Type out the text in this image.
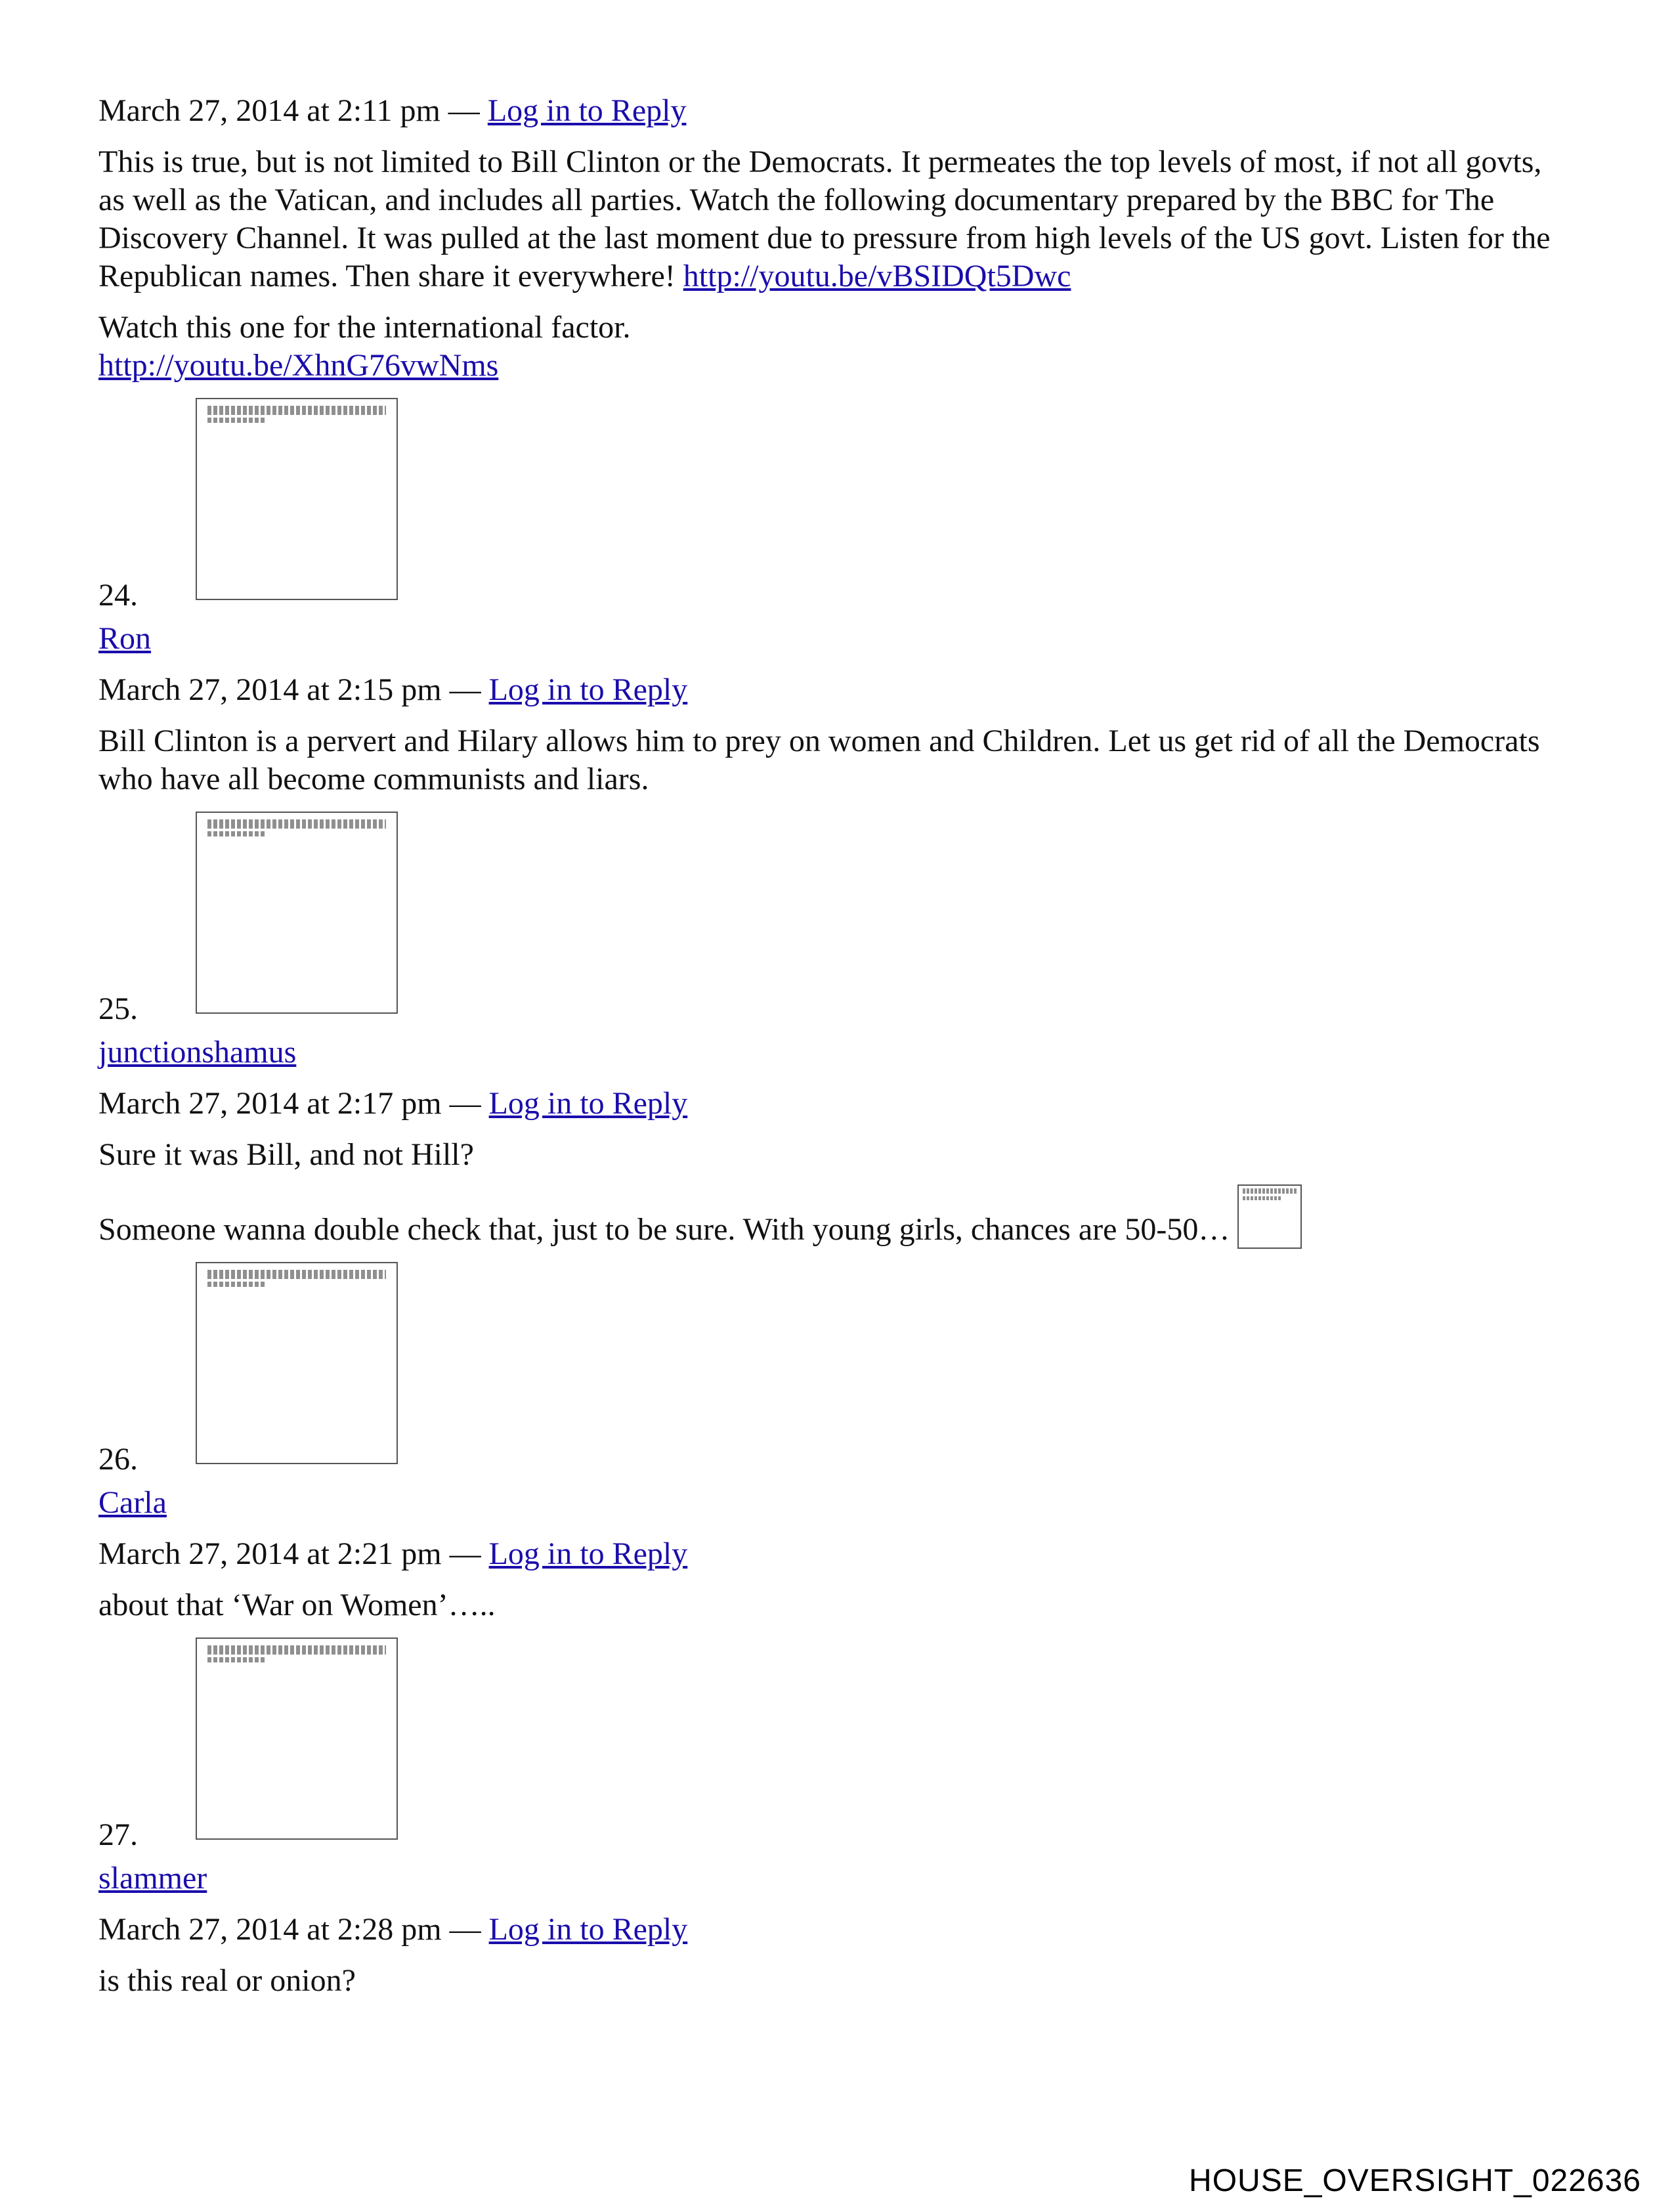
March 27, 2014 at 2:11 pm — Log in to Reply

This is true, but is not limited to Bill Clinton or the Democrats. It permeates the top levels of most, if not all govts, as well as the Vatican, and includes all parties. Watch the following documentary prepared by the BBC for The Discovery Channel. It was pulled at the last moment due to pressure from high levels of the US govt. Listen for the Republican names. Then share it everywhere! http://youtu.be/vBSIDQt5Dwc

Watch this one for the international factor.
http://youtu.be/XhnG76vwNms

24.
Ron
March 27, 2014 at 2:15 pm — Log in to Reply

Bill Clinton is a pervert and Hilary allows him to prey on women and Children. Let us get rid of all the Democrats who have all become communists and liars.

25.
junctionshamus
March 27, 2014 at 2:17 pm — Log in to Reply

Sure it was Bill, and not Hill?

Someone wanna double check that, just to be sure. With young girls, chances are 50-50…

26.
Carla
March 27, 2014 at 2:21 pm — Log in to Reply

about that ‘War on Women’…..

27.
slammer
March 27, 2014 at 2:28 pm — Log in to Reply

is this real or onion?

HOUSE_OVERSIGHT_022636
